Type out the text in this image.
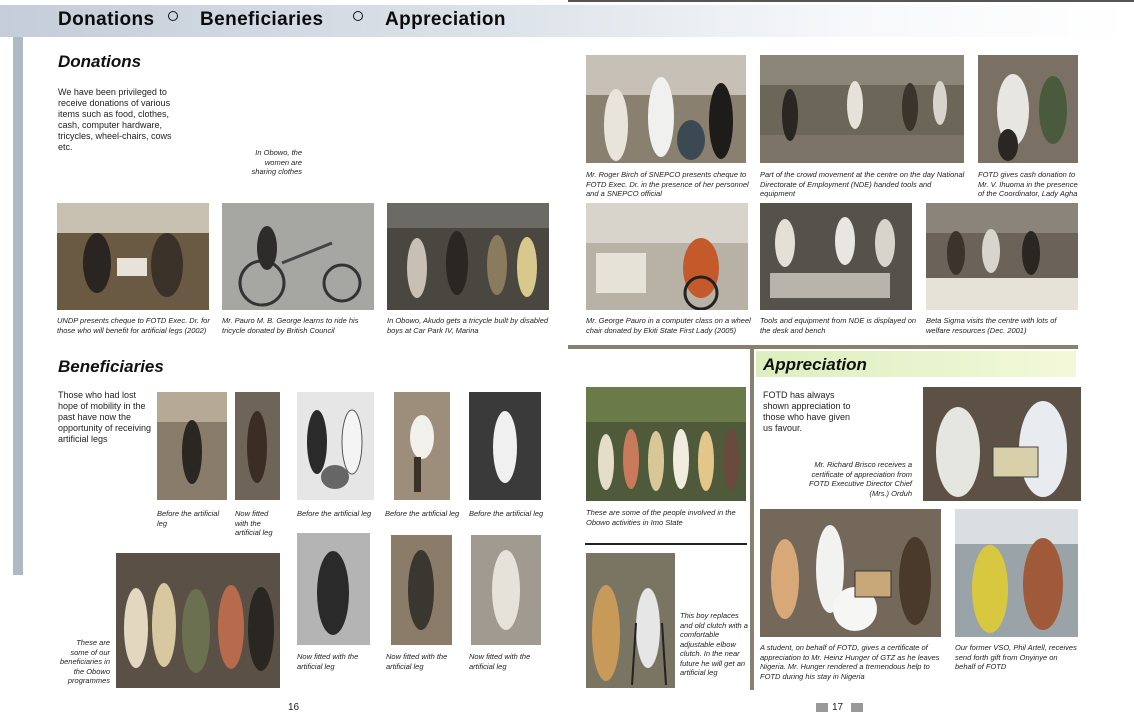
Donations Beneficiaries	Appreciation
Donations
We have been privileged to receive donations of various items such as food, clothes, cash, computer hardware, tricycles, wheel-chairs, cows etc.
In Obowo, the women are sharing clothes
UNDP presents cheque to FOTD Exec. Dr. for those who will benefit for artificial legs (2002)
Mr. Pauro M. B. George learns to ride his tricycle donated by British Council
In Obowo, Akudo gets a tricycle built by disabled boys at Car Park IV, Marina
Mr. Roger Birch of SNEPCO presents cheque to FOTD Exec. Dr. in the presence of her personnel and a SNEPCO official
Part of the crowd movement at the centre on the day National Directorate of Employment (NDE) handed tools and equipment
FOTD gives cash donation to Mr. V. Ihuoma in the presence of the Coordinator, Lady Agha
Mr. George Pauro in a computer class on a wheel chair donated by Ekiti State First Lady (2005)
Tools and equipment from NDE is displayed on the desk and bench
Beta Sigma visits the centre with lots of welfare resources (Dec. 2001)
Beneficiaries
Those who had lost hope of mobility in the past have now the opportunity of receiving artificial legs
Before the artificial leg
Now fitted with the artificial leg
Before the artificial leg	Before the artificial leg	Before the artificial leg
These are some of our beneficiaries in the Obowo programmes
Now fitted with the artificial leg
Now fitted with the artificial leg
Now fitted with the artificial leg
These are some of the people involved in the Obowo activities in Imo State
This boy replaces and old clutch with a comfortable adjustable elbow clutch. In the near future he will get an artificial leg
Appreciation
FOTD has always shown appreciation to those who have given us favour.
Mr. Richard Brisco receives a certificate of appreciation from FOTD Executive Director Chief (Mrs.) Orduh
A student, on behalf of FOTD, gives a certificate of appreciation to Mr. Heinz Hunger of GTZ as he leaves Nigeria. Mr. Hunger rendered a tremendous help to FOTD during his stay in Nigeria
Our former VSO, Phil Artell, receives send forth gift from Onyinye on behalf of FOTD
16	17
